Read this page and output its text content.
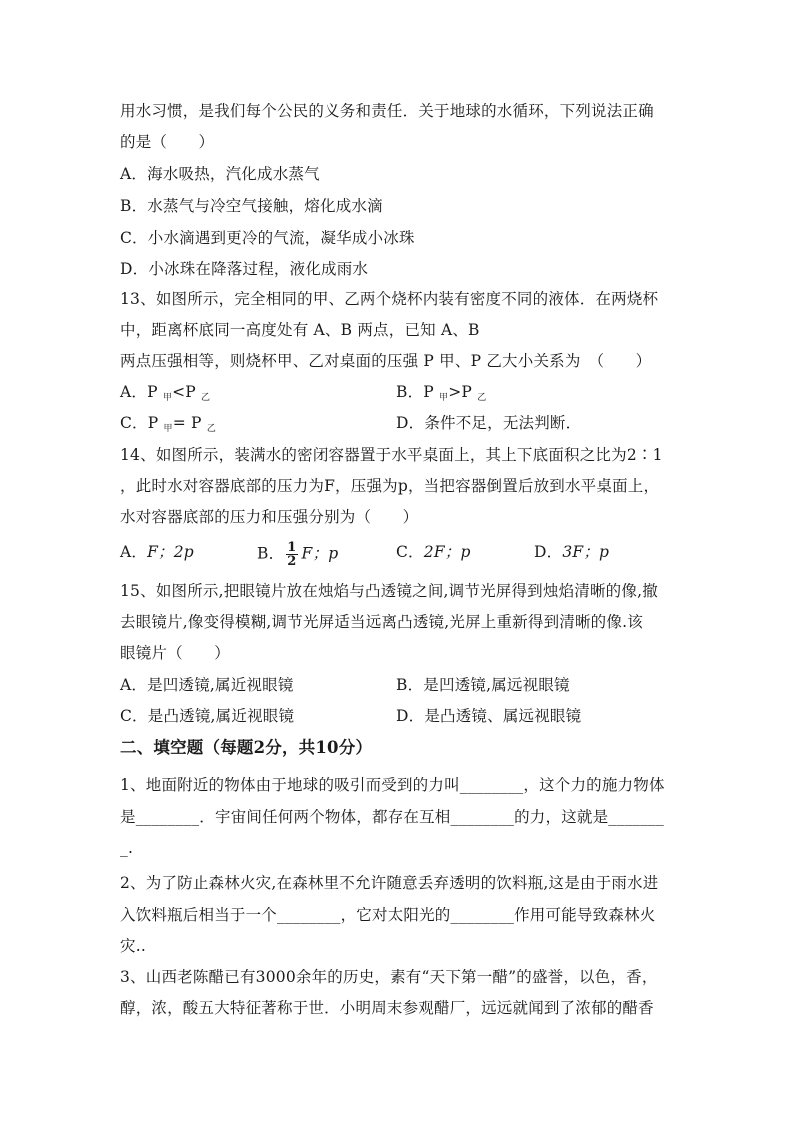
用水习惯，是我们每个公民的义务和责任．关于地球的水循环，下列说法正确
的是（　　）
A．海水吸热，汽化成水蒸气
B．水蒸气与冷空气接触，熔化成水滴
C．小水滴遇到更冷的气流，凝华成小冰珠
D．小冰珠在降落过程，液化成雨水
13、如图所示，完全相同的甲、乙两个烧杯内装有密度不同的液体．在两烧杯
中，距离杯底同一高度处有 A、B 两点，已知 A、B
两点压强相等，则烧杯甲、乙对桌面的压强 P 甲、P 乙大小关系为　（　　）
A．P $_甲$<P $_乙$	B．P $_甲$>P $_乙$
C．P $_甲$= P $_乙$	D．条件不足，无法判断．
14、如图所示，装满水的密闭容器置于水平桌面上，其上下底面积之比为2∶1
，此时水对容器底部的压力为F，压强为p，当把容器倒置后放到水平桌面上，
水对容器底部的压力和压强分别为（　　）
A．F；2p	B． $\frac{1}{2}$ F；p	C．2F；p	D．3F；p
15、如图所示,把眼镜片放在烛焰与凸透镜之间,调节光屏得到烛焰清晰的像,撤
去眼镜片,像变得模糊,调节光屏适当远离凸透镜,光屏上重新得到清晰的像.该
眼镜片（　　）
A．是凹透镜,属近视眼镜	B．是凹透镜,属远视眼镜
C．是凸透镜,属近视眼镜	D．是凸透镜、属远视眼镜
二、填空题（每题2分，共10分）
1、地面附近的物体由于地球的吸引而受到的力叫________，这个力的施力物体
是________．宇宙间任何两个物体，都存在互相________的力，这就是_______
_.
2、为了防止森林火灾,在森林里不允许随意丢弃透明的饮料瓶,这是由于雨水进
入饮料瓶后相当于一个________，它对太阳光的________作用可能导致森林火
灾..
3、山西老陈醋已有3000余年的历史，素有“天下第一醋”的盛誉，以色，香，
醇，浓，酸五大特征著称于世．小明周末参观醋厂，远远就闻到了浓郁的醋香
